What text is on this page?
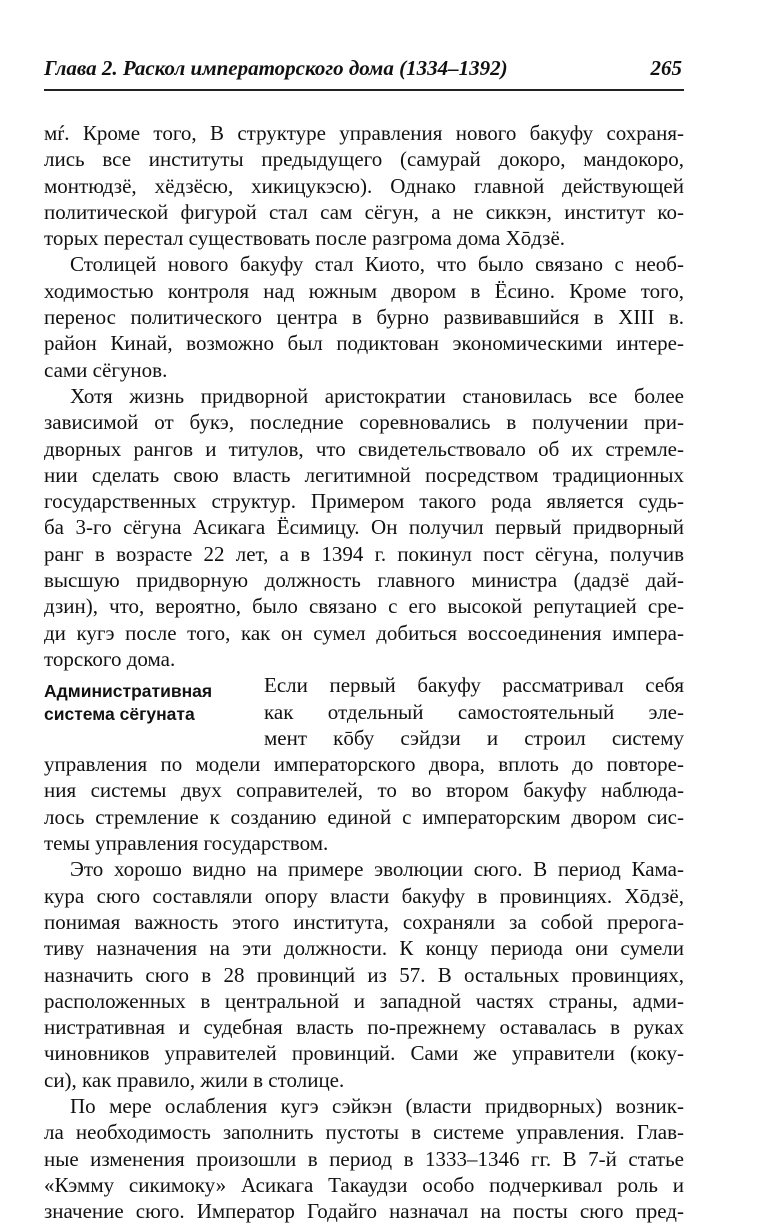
Глава 2. Раскол императорского дома (1334–1392)	265
мŕ. Кроме того, В структуре управления нового бакуфу сохраня-
лись все институты предыдущего (самурай докоро, мандокоро,
монтюдзё, хёдзёсю, хикицукэсю). Однако главной действующей
политической фигурой стал сам сёгун, а не сиккэн, институт ко-
торых перестал существовать после разгрома дома Хōдзё.
Столицей нового бакуфу стал Киото, что было связано с необ-
ходимостью контроля над южным двором в Ёсино. Кроме того,
перенос политического центра в бурно развивавшийся в XIII в.
район Кинай, возможно был подиктован экономическими интере-
сами сёгунов.
Хотя жизнь придворной аристократии становилась все более
зависимой от букэ, последние соревновались в получении при-
дворных рангов и титулов, что свидетельствовало об их стремле-
нии сделать свою власть легитимной посредством традиционных
государственных структур. Примером такого рода является судь-
ба 3-го сёгуна Асикага Ёсимицу. Он получил первый придворный
ранг в возрасте 22 лет, а в 1394 г. покинул пост сёгуна, получив
высшую придворную должность главного министра (дадзё дай-
дзин), что, вероятно, было связано с его высокой репутацией сре-
ди кугэ после того, как он сумел добиться воссоединения импера-
торского дома.
Административная
система сёгуната
Если первый бакуфу рассматривал себя
как отдельный самостоятельный эле-
мент кōбу сэйдзи и строил систему
управления по модели императорского двора, вплоть до повторе-
ния системы двух соправителей, то во втором бакуфу наблюда-
лось стремление к созданию единой с императорским двором сис-
темы управления государством.
Это хорошо видно на примере эволюции сюго. В период Кама-
кура сюго составляли опору власти бакуфу в провинциях. Хōдзё,
понимая важность этого института, сохраняли за собой прерога-
тиву назначения на эти должности. К концу периода они сумели
назначить сюго в 28 провинций из 57. В остальных провинциях,
расположенных в центральной и западной частях страны, адми-
нистративная и судебная власть по-прежнему оставалась в руках
чиновников управителей провинций. Сами же управители (коку-
си), как правило, жили в столице.
По мере ослабления кугэ сэйкэн (власти придворных) возник-
ла необходимость заполнить пустоты в системе управления. Глав-
ные изменения произошли в период в 1333–1346 гг. В 7-й статье
«Кэмму сикимоку» Асикага Такаудзи особо подчеркивал роль и
значение сюго. Император Годайго назначал на посты сюго пред-
